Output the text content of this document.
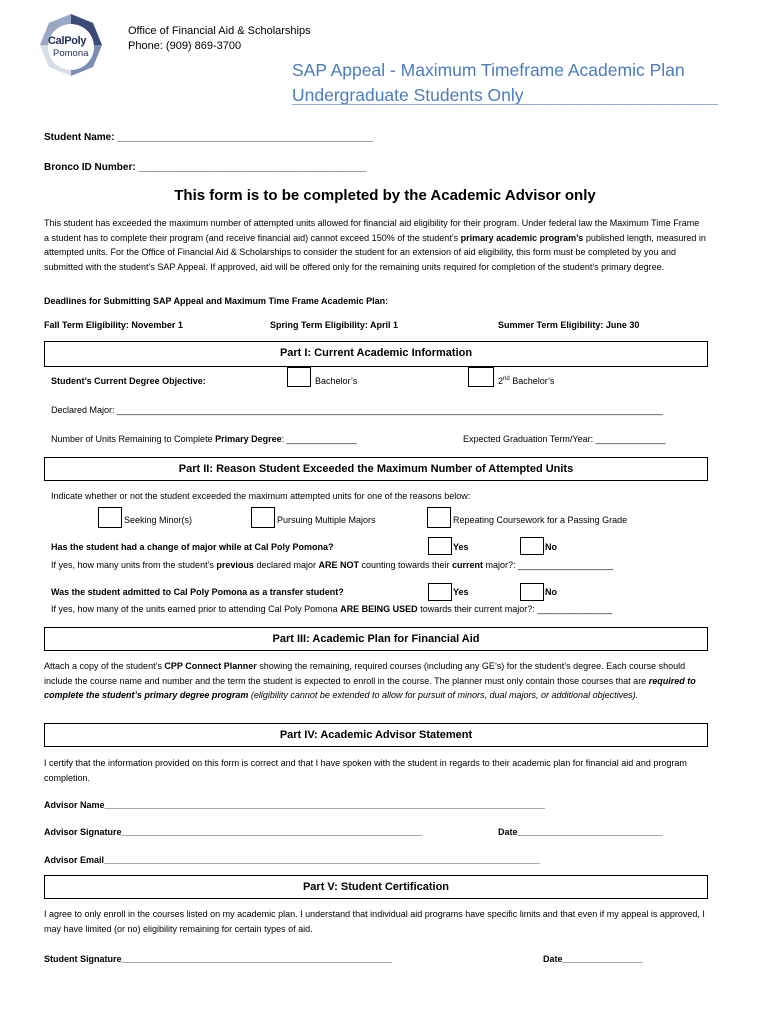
CalPoly
Pomona
Office of Financial Aid & Scholarships
Phone: (909) 869-3700
SAP Appeal - Maximum Timeframe Academic Plan
Undergraduate Students Only
Student Name: ______________________________________________
Bronco ID Number: _________________________________________
This form is to be completed by the Academic Advisor only
This student has exceeded the maximum number of attempted units allowed for financial aid eligibility for their program. Under federal law the Maximum Time Frame a student has to complete their program (and receive financial aid) cannot exceed 150% of the student’s primary academic program’s published length, measured in attempted units. For the Office of Financial Aid & Scholarships to consider the student for an extension of aid eligibility, this form must be completed by you and submitted with the student’s SAP Appeal. If approved, aid will be offered only for the remaining units required for completion of the student’s primary degree.
Deadlines for Submitting SAP Appeal and Maximum Time Frame Academic Plan:
Fall Term Eligibility: November 1	Spring Term Eligibility: April 1	Summer Term Eligibility: June 30
Part I: Current Academic Information
Student’s Current Degree Objective:	Bachelor’s	2nd Bachelor’s
Declared Major: _____________________________________________________________________________________________________________
Number of Units Remaining to Complete Primary Degree: ______________	Expected Graduation Term/Year: ______________
Part II: Reason Student Exceeded the Maximum Number of Attempted Units
Indicate whether or not the student exceeded the maximum attempted units for one of the reasons below:
Seeking Minor(s)	Pursuing Multiple Majors	Repeating Coursework for a Passing Grade
Has the student had a change of major while at Cal Poly Pomona?	Yes	No
If yes, how many units from the student’s previous declared major ARE NOT counting towards their current major?: ___________________
Was the student admitted to Cal Poly Pomona as a transfer student?	Yes	No
If yes, how many of the units earned prior to attending Cal Poly Pomona ARE BEING USED towards their current major?: _______________
Part III: Academic Plan for Financial Aid
Attach a copy of the student’s CPP Connect Planner showing the remaining, required courses (including any GE’s) for the student’s degree. Each course should include the course name and number and the term the student is expected to enroll in the course. The planner must only contain those courses that are required to complete the student’s primary degree program (eligibility cannot be extended to allow for pursuit of minors, dual majors, or additional objectives).
Part IV: Academic Advisor Statement
I certify that the information provided on this form is correct and that I have spoken with the student in regards to their academic plan for financial aid and program completion.
Advisor Name________________________________________________________________________________________
Advisor Signature____________________________________________________________	Date_____________________________
Advisor Email_______________________________________________________________________________________
Part V: Student Certification
I agree to only enroll in the courses listed on my academic plan. I understand that individual aid programs have specific limits and that even if my appeal is approved, I may have limited (or no) eligibility remaining for certain types of aid.
Student Signature______________________________________________________	Date________________
